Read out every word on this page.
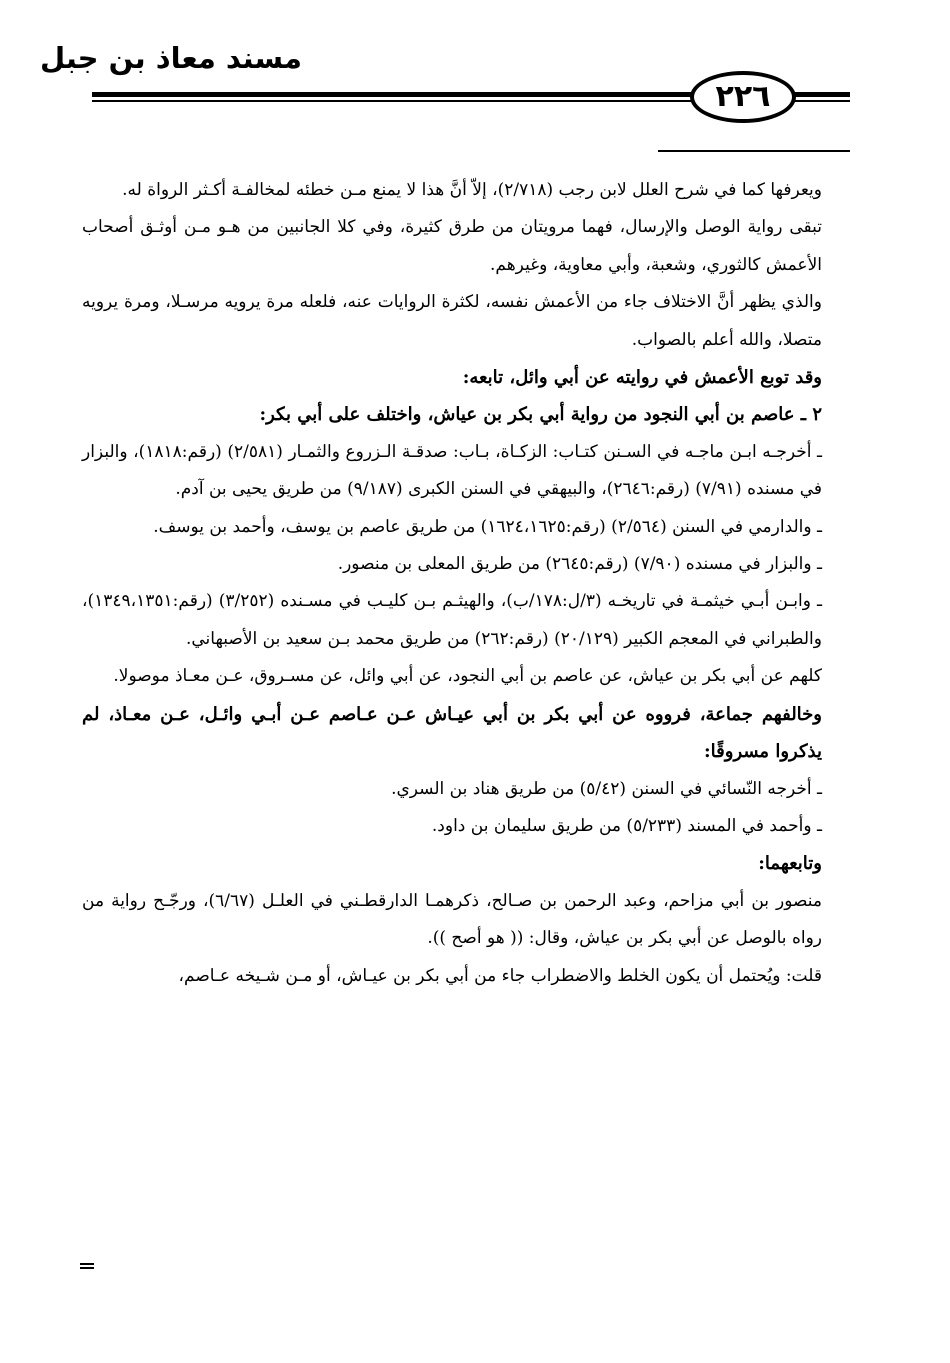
مسند معاذ بن جبل
٢٢٦

ويعرفها كما في شرح العلل لابن رجب (٢/٧١٨)، إلاّ أنَّ هذا لا يمنع مـن خطئه لمخالفـة أكـثر الرواة له.

تبقى رواية الوصل والإرسال، فهما مرويتان من طرق كثيرة، وفي كلا الجانبين من هـو مـن أوثـق أصحاب الأعمش كالثوري، وشعبة، وأبي معاوية، وغيرهم.

والذي يظهر أنَّ الاختلاف جاء من الأعمش نفسه، لكثرة الروايات عنه، فلعله مرة يرويه مرسـلا، ومرة يرويه متصلا، والله أعلم بالصواب.

وقد توبع الأعمش في روايته عن أبي وائل، تابعه:

٢ ـ عاصم بن أبي النجود من رواية أبي بكر بن عياش، واختلف على أبي بكر:

ـ أخرجـه ابـن ماجـه في السـنن كتـاب: الزكـاة، بـاب: صدقـة الـزروع والثمـار (٢/٥٨١) (رقم:١٨١٨)، والبزار في مسنده (٧/٩١) (رقم:٢٦٤٦)، والبيهقي في السنن الكبرى (٩/١٨٧) من طريق يحيى بن آدم.

ـ والدارمي في السنن (٢/٥٦٤) (رقم:١٦٢٤،١٦٢٥) من طريق عاصم بن يوسف، وأحمد بن يوسف.

ـ والبزار في مسنده (٧/٩٠) (رقم:٢٦٤٥) من طريق المعلى بن منصور.

ـ وابـن أبـي خيثمـة في تاريخـه (٣/ل:١٧٨/ب)، والهيثـم بـن كليـب في مسـنده (٣/٢٥٢) (رقم:١٣٤٩،١٣٥١)، والطبراني في المعجم الكبير (٢٠/١٢٩) (رقم:٢٦٢) من طريق محمد بـن سعيد بن الأصبهاني.

كلهم عن أبي بكر بن عياش، عن عاصم بن أبي النجود، عن أبي وائل، عن مسـروق، عـن معـاذ موصولا.

وخالفهم جماعة، فرووه عن أبي بكر بن أبي عيـاش عـن عـاصم عـن أبـي وائـل، عـن معـاذ، لم يذكروا مسروقًا:

ـ أخرجه النّسائي في السنن (٥/٤٢) من طريق هناد بن السري.

ـ وأحمد في المسند (٥/٢٣٣) من طريق سليمان بن داود.

وتابعهما:

منصور بن أبي مزاحم، وعبد الرحمن بن صـالح، ذكرهمـا الدارقطـني في العلـل (٦/٦٧)، ورجّـح رواية من رواه بالوصل عن أبي بكر بن عياش، وقال: (( هو أصح )).

قلت: ويُحتمل أن يكون الخلط والاضطراب جاء من أبي بكر بن عيـاش، أو مـن شـيخه عـاصم،
